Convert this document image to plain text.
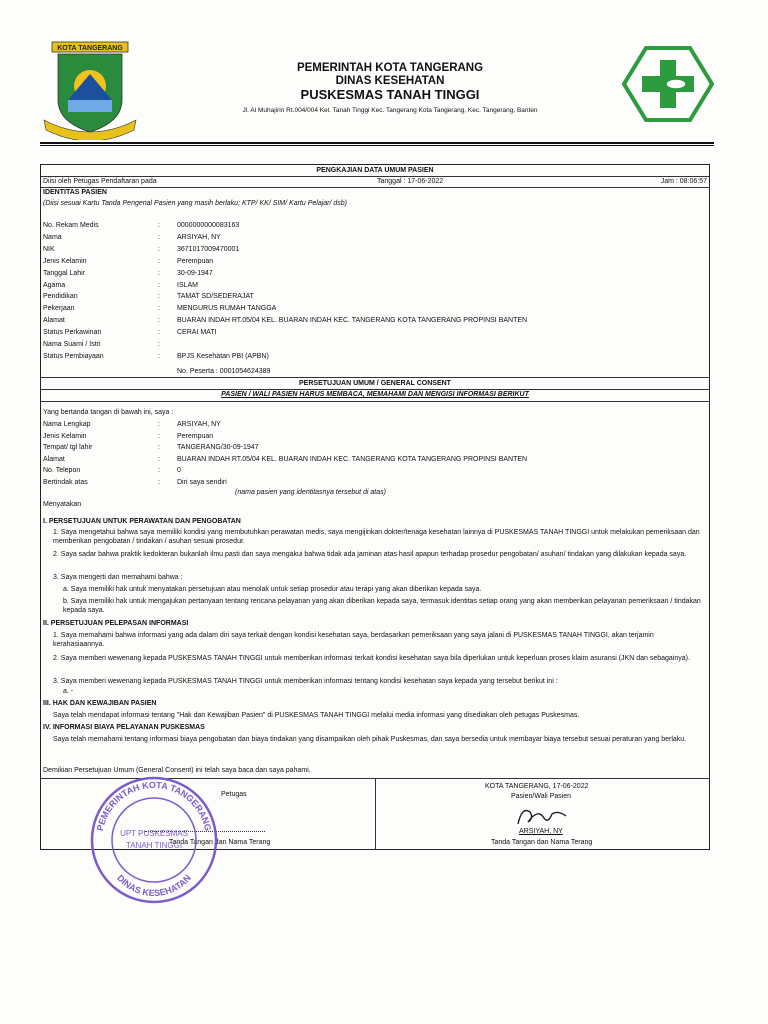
KOTA TANGERANG
PEMERINTAH KOTA TANGERANG
DINAS KESEHATAN
PUSKESMAS TANAH TINGGI
Jl. Al Muhajirin Rt.004/004 Kel. Tanah Tinggi Kec. Tangerang Kota Tangerang, Kec. Tangerang, Banten
PENGKAJIAN DATA UMUM PASIEN
Diisi oleh Petugas Pendaftaran pada	Tanggal : 17-06-2022	Jam : 08:06:57
IDENTITAS PASIEN
(Diisi sesuai Kartu Tanda Pengenal Pasien yang masih berlaku; KTP/ KK/ SIM/ Kartu Pelajar/ dsb)
No. Rekam Medis	: 0000000000083163
Nama	: ARSIYAH, NY
NIK	: 3671017009470001
Jenis Kelamin	: Perempuan
Tanggal Lahir	: 30-09-1947
Agama	: ISLAM
Pendidikan	: TAMAT SD/SEDERAJAT
Pekerjaan	: MENGURUS RUMAH TANGGA
Alamat	: BUARAN INDAH RT.05/04 KEL. BUARAN INDAH KEC. TANGERANG KOTA TANGERANG PROPINSI BANTEN
Status Perkawinan	: CERAI MATI
Nama Suami / Istri	:
Status Pembiayaan	: BPJS Kesehatan PBI (APBN)
No. Peserta : 0001054624389
PERSETUJUAN UMUM / GENERAL CONSENT
PASIEN / WALI PASIEN HARUS MEMBACA, MEMAHAMI DAN MENGISI INFORMASI BERIKUT
Yang bertanda tangan di bawah ini, saya :
Nama Lengkap	: ARSIYAH, NY
Jenis Kelamin	: Perempuan
Tempat/ tgl lahir	: TANGERANG/30-09-1947
Alamat	: BUARAN INDAH RT.05/04 KEL. BUARAN INDAH KEC. TANGERANG KOTA TANGERANG PROPINSI BANTEN
No. Telepon	: 0
Bertindak atas	: Diri saya sendiri
(nama pasien yang identitasnya tersebut di atas)
Menyatakan
I. PERSETUJUAN UNTUK PERAWATAN DAN PENGOBATAN
1. Saya mengetahui bahwa saya memiliki kondisi yang membutuhkan perawatan medis, saya mengijinkan dokter/tenaga kesehatan lainnya di PUSKESMAS TANAH TINGGI untuk melakukan pemeriksaan dan memberikan pengobatan / tindakan / asuhan sesuai prosedur.
2. Saya sadar bahwa praktik kedokteran bukanlah ilmu pasti dan saya mengakui bahwa tidak ada jaminan atas hasil apapun terhadap prosedur pengobatan/ asuhan/ tindakan yang dilakukan kepada saya.
3. Saya mengerti dan memahami bahwa :
a. Saya memiliki hak untuk menyatakan persetujuan atau menolak untuk setiap prosedur atau terapi yang akan diberikan kepada saya.
b. Saya memiliki hak untuk mengajukan pertanyaan tentang rencana pelayanan yang akan diberikan kepada saya, termasuk identitas setiap orang yang akan memberikan pelayanan pemeriksaan / tindakan kepada saya.
II. PERSETUJUAN PELEPASAN INFORMASI
1. Saya memahami bahwa informasi yang ada dalam diri saya terkait dengan kondisi kesehatan saya, berdasarkan pemeriksaan yang saya jalani di PUSKESMAS TANAH TINGGI, akan terjamin kerahasiaannya.
2. Saya memberi wewenang kepada PUSKESMAS TANAH TINGGI untuk memberikan informasi terkait kondisi kesehatan saya bila diperlukan untuk keperluan proses klaim asuransi (JKN dan sebagainya).
3. Saya memberi wewenang kepada PUSKESMAS TANAH TINGGI untuk memberikan informasi tentang kondisi kesehatan saya kepada yang tersebut berikut ini :
a. -
III. HAK DAN KEWAJIBAN PASIEN
Saya telah mendapat informasi tentang "Hak dan Kewajiban Pasien" di PUSKESMAS TANAH TINGGI melalui media informasi yang disediakan oleh petugas Puskesmas.
IV. INFORMASI BIAYA PELAYANAN PUSKESMAS
Saya telah memahami tentang informasi biaya pengobatan dan biaya tindakan yang disampaikan oleh pihak Puskesmas, dan saya bersedia untuk membayar biaya tersebut sesuai peraturan yang berlaku.
Demikian Persetujuan Umum (General Consent) ini telah saya baca dan saya pahami.
Petugas
Tanda Tangan dan Nama Terang
KOTA TANGERANG, 17-06-2022
Pasien/Wali Pasien
ARSIYAH, NY
Tanda Tangan dan Nama Terang
PEMERINTAH KOTA TANGERANG
DINAS KESEHATAN
UPT PUSKESMAS
TANAH TINGGI
